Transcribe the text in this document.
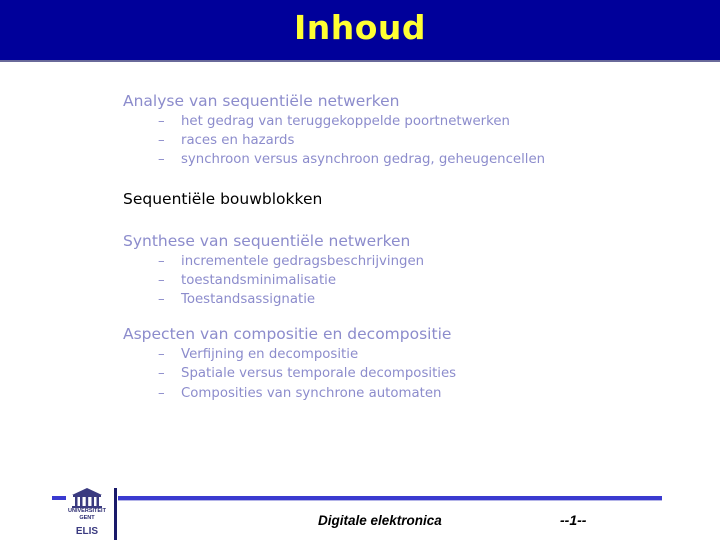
Inhoud
Analyse van sequentiële netwerken
– het gedrag van teruggekoppelde poortnetwerken
– races en hazards
– synchroon versus asynchroon gedrag, geheugencellen
Sequentiële bouwblokken
Synthese van sequentiële netwerken
– incrementele gedragsbeschrijvingen
– toestandsminimalisatie
– Toestandsassignatie
Aspecten van compositie en decompositie
– Verfijning en decompositie
– Spatiale versus temporale decomposities
– Composities van synchrone automaten
UNIVERSITEIT
GENT
ELIS
Digitale elektronica	--1--
